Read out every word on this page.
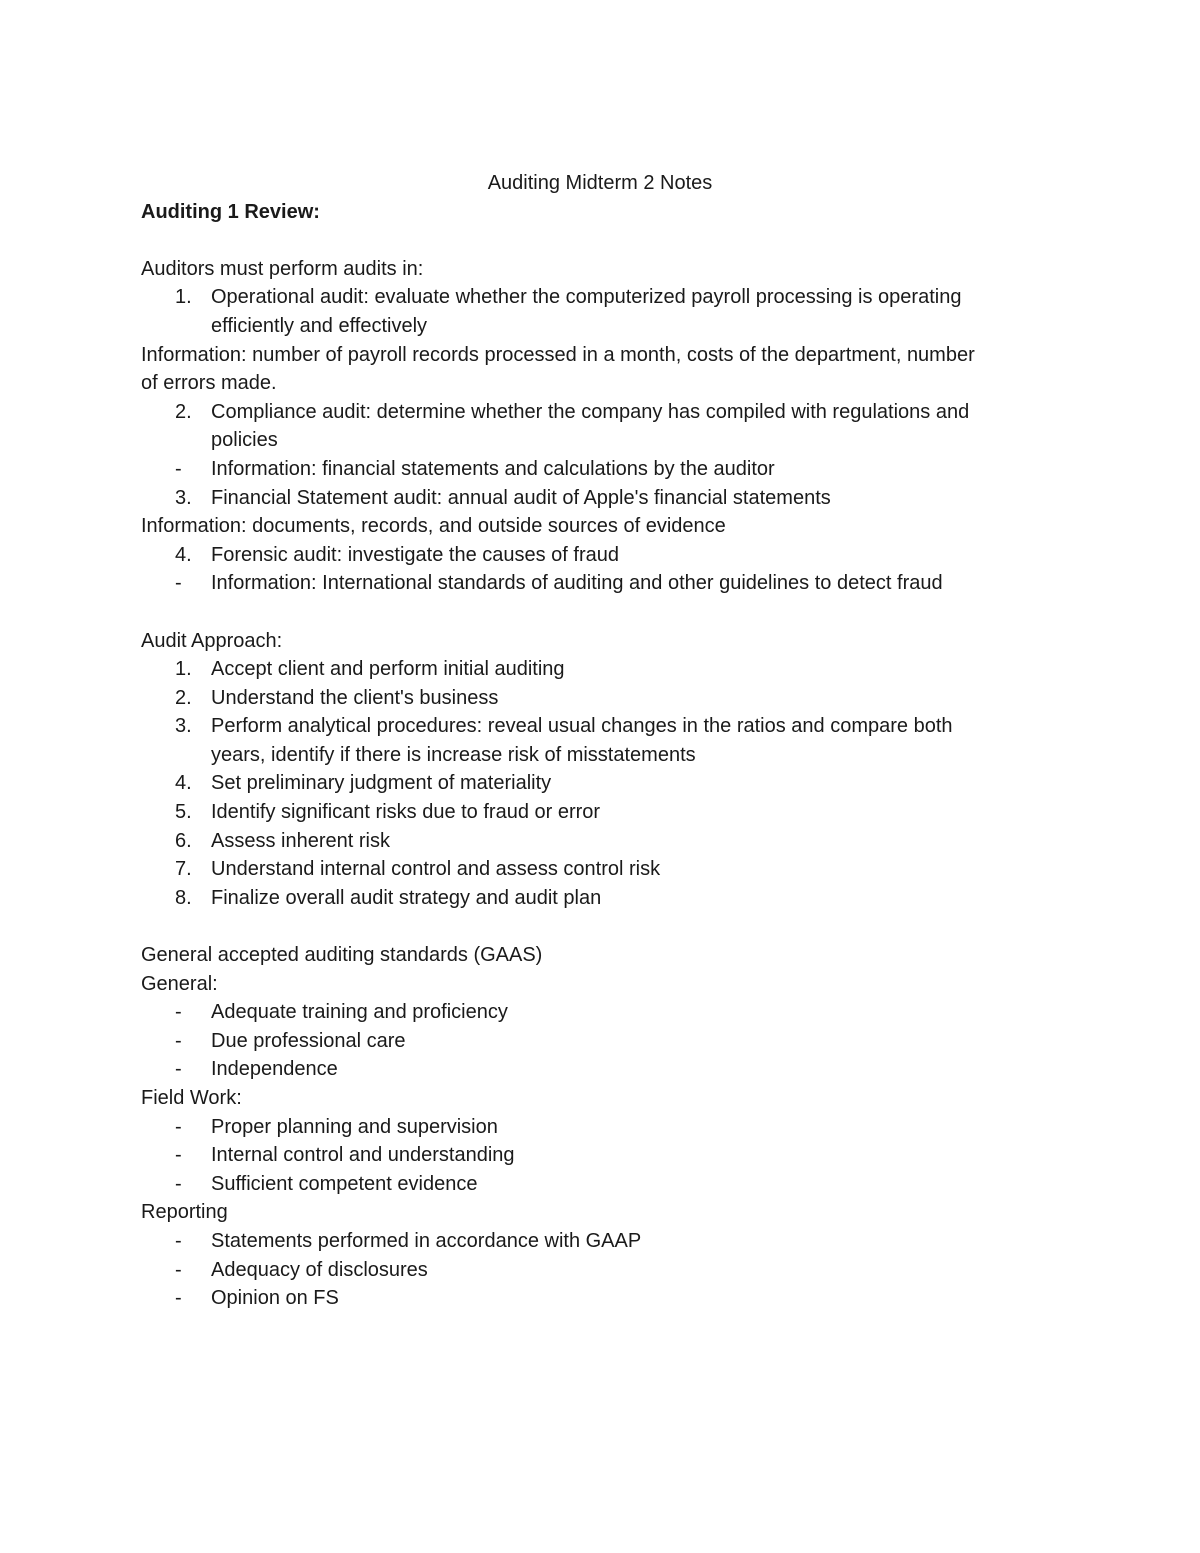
Auditing Midterm 2 Notes
Auditing 1 Review:
Auditors must perform audits in:
1. Operational audit: evaluate whether the computerized payroll processing is operating
efficiently and effectively
Information: number of payroll records processed in a month, costs of the department, number
of errors made.
2. Compliance audit: determine whether the company has compiled with regulations and
policies
- Information: financial statements and calculations by the auditor
3. Financial Statement audit: annual audit of Apple's financial statements
Information: documents, records, and outside sources of evidence
4. Forensic audit: investigate the causes of fraud
- Information: International standards of auditing and other guidelines to detect fraud
Audit Approach:
1. Accept client and perform initial auditing
2. Understand the client's business
3. Perform analytical procedures: reveal usual changes in the ratios and compare both
years, identify if there is increase risk of misstatements
4. Set preliminary judgment of materiality
5. Identify significant risks due to fraud or error
6. Assess inherent risk
7. Understand internal control and assess control risk
8. Finalize overall audit strategy and audit plan
General accepted auditing standards (GAAS)
General:
- Adequate training and proficiency
- Due professional care
- Independence
Field Work:
- Proper planning and supervision
- Internal control and understanding
- Sufficient competent evidence
Reporting
- Statements performed in accordance with GAAP
- Adequacy of disclosures
- Opinion on FS
